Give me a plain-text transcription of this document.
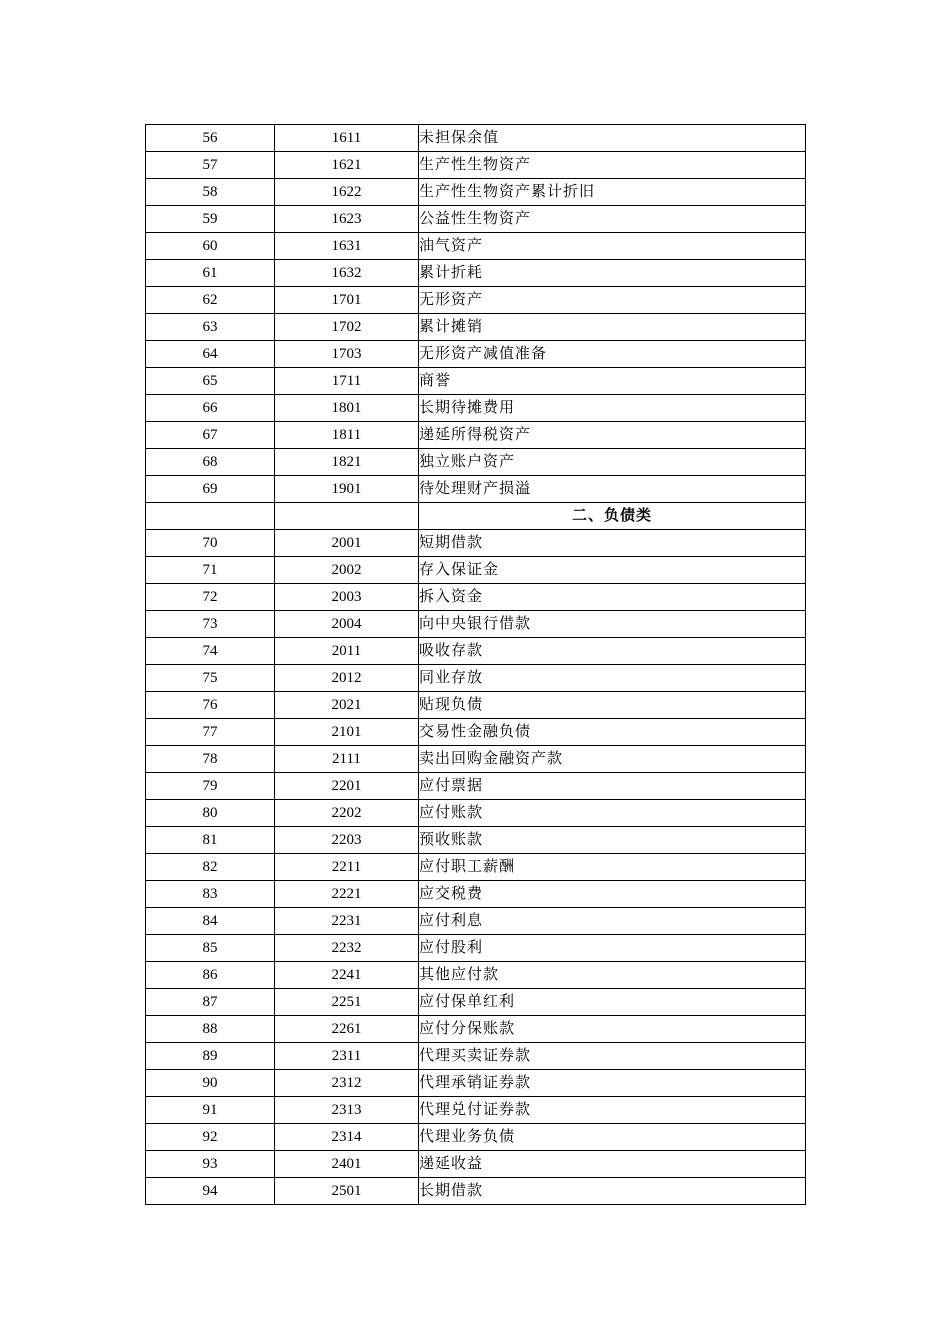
56	1611	未担保余值
57	1621	生产性生物资产
58	1622	生产性生物资产累计折旧
59	1623	公益性生物资产
60	1631	油气资产
61	1632	累计折耗
62	1701	无形资产
63	1702	累计摊销
64	1703	无形资产减值准备
65	1711	商誉
66	1801	长期待摊费用
67	1811	递延所得税资产
68	1821	独立账户资产
69	1901	待处理财产损溢
		二、负债类
70	2001	短期借款
71	2002	存入保证金
72	2003	拆入资金
73	2004	向中央银行借款
74	2011	吸收存款
75	2012	同业存放
76	2021	贴现负债
77	2101	交易性金融负债
78	2111	卖出回购金融资产款
79	2201	应付票据
80	2202	应付账款
81	2203	预收账款
82	2211	应付职工薪酬
83	2221	应交税费
84	2231	应付利息
85	2232	应付股利
86	2241	其他应付款
87	2251	应付保单红利
88	2261	应付分保账款
89	2311	代理买卖证券款
90	2312	代理承销证券款
91	2313	代理兑付证券款
92	2314	代理业务负债
93	2401	递延收益
94	2501	长期借款
